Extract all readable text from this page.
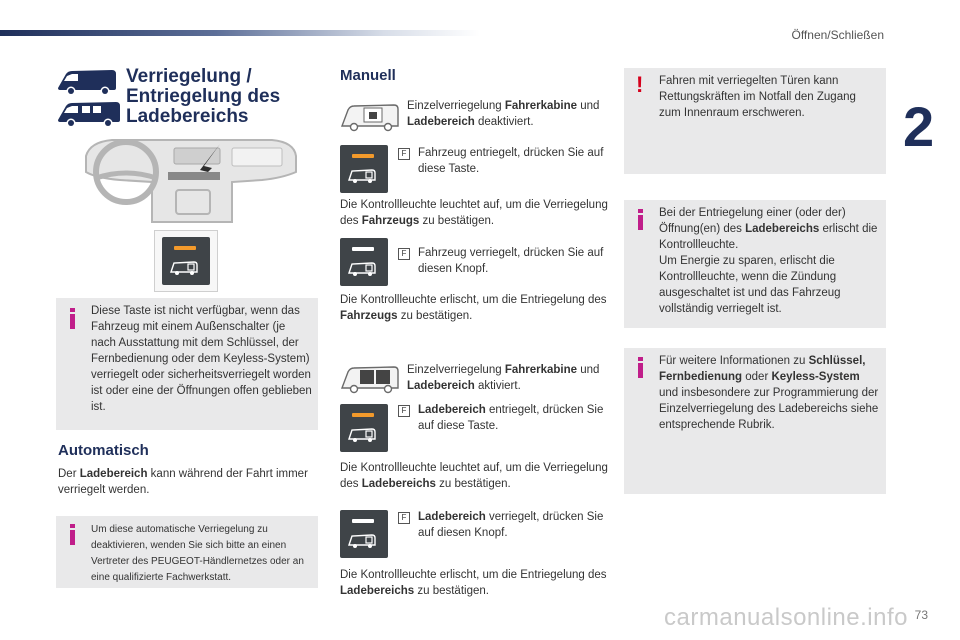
Öffnen/Schließen
2
Verriegelung / Entriegelung des Ladebereichs
Diese Taste ist nicht verfügbar, wenn das Fahrzeug mit einem Außenschalter (je nach Ausstattung mit dem Schlüssel, der Fernbedienung oder dem Keyless-System) verriegelt oder sicherheitsverriegelt worden ist oder eine der Öffnungen offen geblieben ist.
Automatisch
Der Ladebereich kann während der Fahrt immer verriegelt werden.
Um diese automatische Verriegelung zu deaktivieren, wenden Sie sich bitte an einen Vertreter des PEUGEOT-Händlernetzes oder an eine qualifizierte Fachwerkstatt.
Manuell
Einzelverriegelung Fahrerkabine und Ladebereich deaktiviert.
F	Fahrzeug entriegelt, drücken Sie auf diese Taste.
Die Kontrollleuchte leuchtet auf, um die Verriegelung des Fahrzeugs zu bestätigen.
F	Fahrzeug verriegelt, drücken Sie auf diesen Knopf.
Die Kontrollleuchte erlischt, um die Entriegelung des Fahrzeugs zu bestätigen.
Einzelverriegelung Fahrerkabine und Ladebereich aktiviert.
F	Ladebereich entriegelt, drücken Sie auf diese Taste.
Die Kontrollleuchte leuchtet auf, um die Verriegelung des Ladebereichs zu bestätigen.
F	Ladebereich verriegelt, drücken Sie auf diesen Knopf.
Die Kontrollleuchte erlischt, um die Entriegelung des Ladebereichs zu bestätigen.
! Fahren mit verriegelten Türen kann Rettungskräften im Notfall den Zugang zum Innenraum erschweren.
Bei der Entriegelung einer (oder der) Öffnung(en) des Ladebereichs erlischt die Kontrollleuchte.
Um Energie zu sparen, erlischt die Kontrollleuchte, wenn die Zündung ausgeschaltet ist und das Fahrzeug vollständig verriegelt ist.
Für weitere Informationen zu Schlüssel, Fernbedienung oder Keyless-System und insbesondere zur Programmierung der Einzelverriegelung des Ladebereichs siehe entsprechende Rubrik.
73
carmanualsonline.info
